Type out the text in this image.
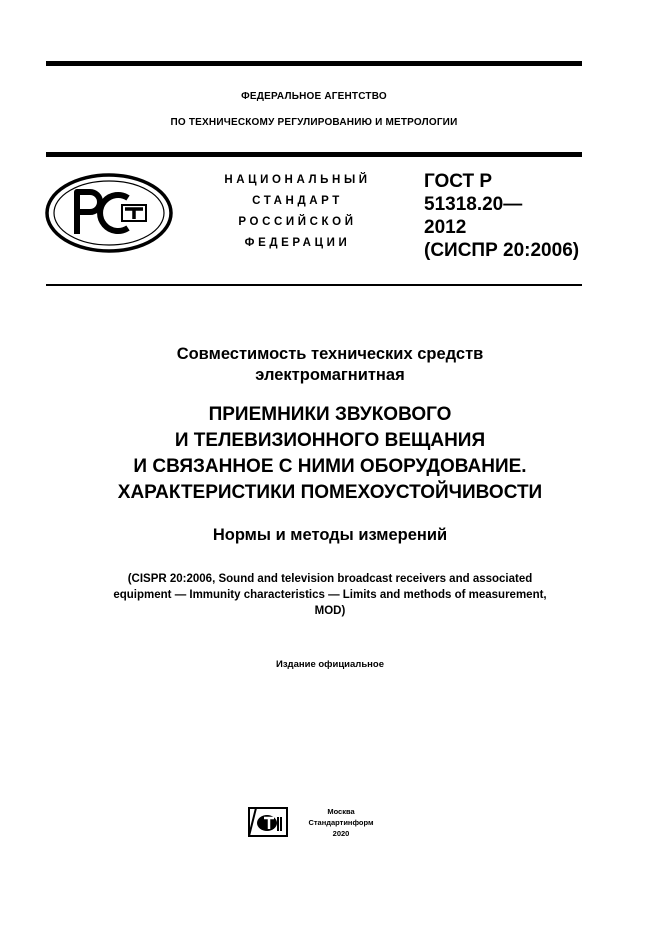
ФЕДЕРАЛЬНОЕ АГЕНТСТВО
ПО ТЕХНИЧЕСКОМУ РЕГУЛИРОВАНИЮ И МЕТРОЛОГИИ
НАЦИОНАЛЬНЫЙ
СТАНДАРТ
РОССИЙСКОЙ
ФЕДЕРАЦИИ
ГОСТ Р
51318.20—
2012
(СИСПР 20:2006)
Совместимость технических средств
электромагнитная
ПРИЕМНИКИ ЗВУКОВОГО
И ТЕЛЕВИЗИОННОГО ВЕЩАНИЯ
И СВЯЗАННОЕ С НИМИ ОБОРУДОВАНИЕ.
ХАРАКТЕРИСТИКИ ПОМЕХОУСТОЙЧИВОСТИ
Нормы и методы измерений
(CISPR 20:2006, Sound and television broadcast receivers and associated
equipment — Immunity characteristics — Limits and methods of measurement,
MOD)
Издание официальное
Москва
Стандартинформ
2020
